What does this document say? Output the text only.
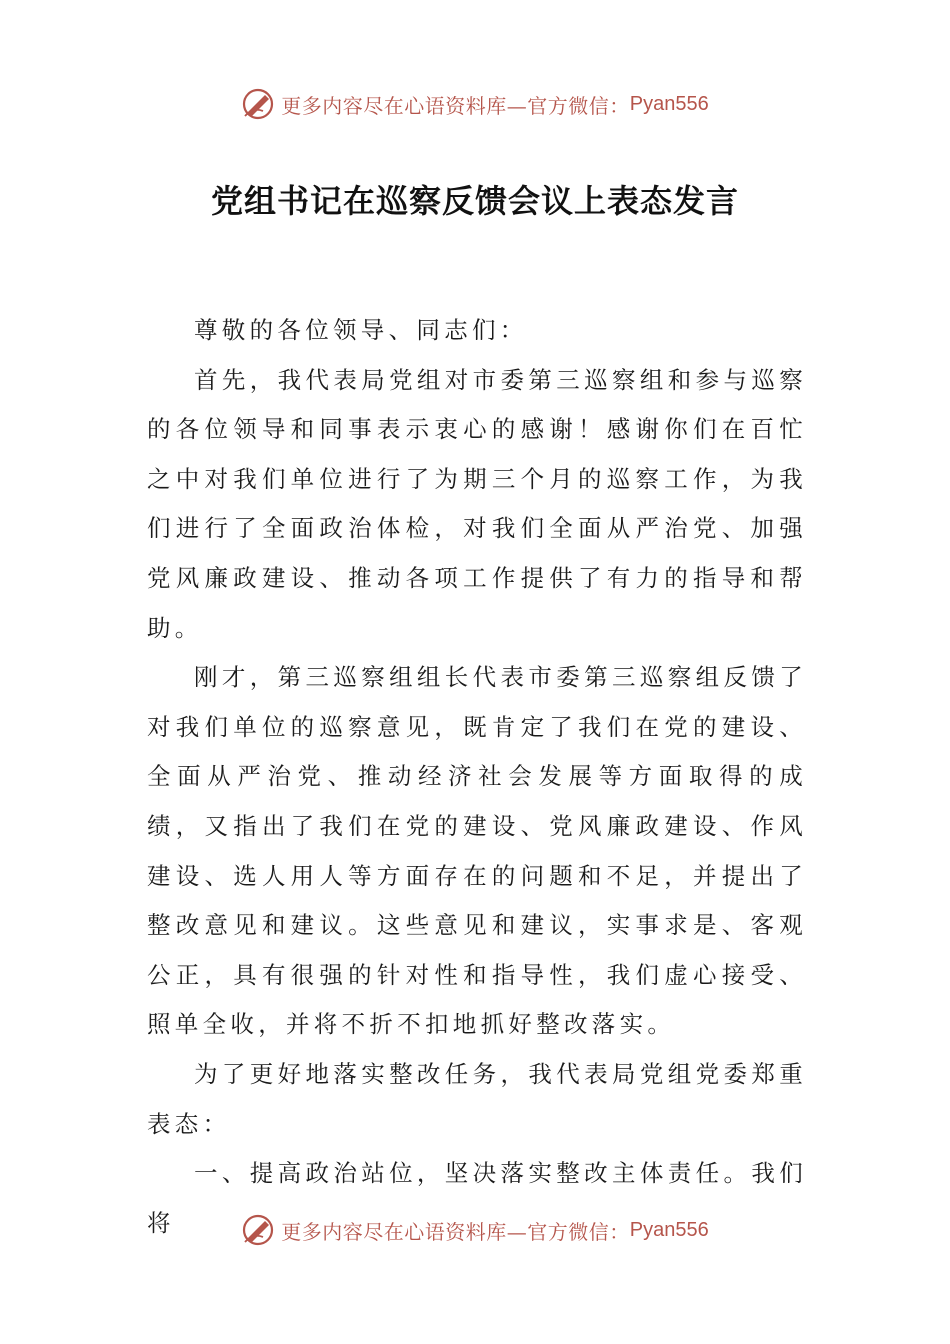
更多内容尽在心语资料库—官方微信： Pyan556
党组书记在巡察反馈会议上表态发言

尊敬的各位领导、同志们：

首先，我代表局党组对市委第三巡察组和参与巡察的各位领导和同事表示衷心的感谢！感谢你们在百忙之中对我们单位进行了为期三个月的巡察工作，为我们进行了全面政治体检，对我们全面从严治党、加强党风廉政建设、推动各项工作提供了有力的指导和帮助。

刚才，第三巡察组组长代表市委第三巡察组反馈了对我们单位的巡察意见，既肯定了我们在党的建设、全面从严治党、推动经济社会发展等方面取得的成绩，又指出了我们在党的建设、党风廉政建设、作风建设、选人用人等方面存在的问题和不足，并提出了整改意见和建议。这些意见和建议，实事求是、客观公正，具有很强的针对性和指导性，我们虚心接受、照单全收，并将不折不扣地抓好整改落实。

为了更好地落实整改任务，我代表局党组党委郑重表态：

一、提高政治站位，坚决落实整改主体责任。我们将	更多内容尽在心语资料库—官方微信： Pyan556
